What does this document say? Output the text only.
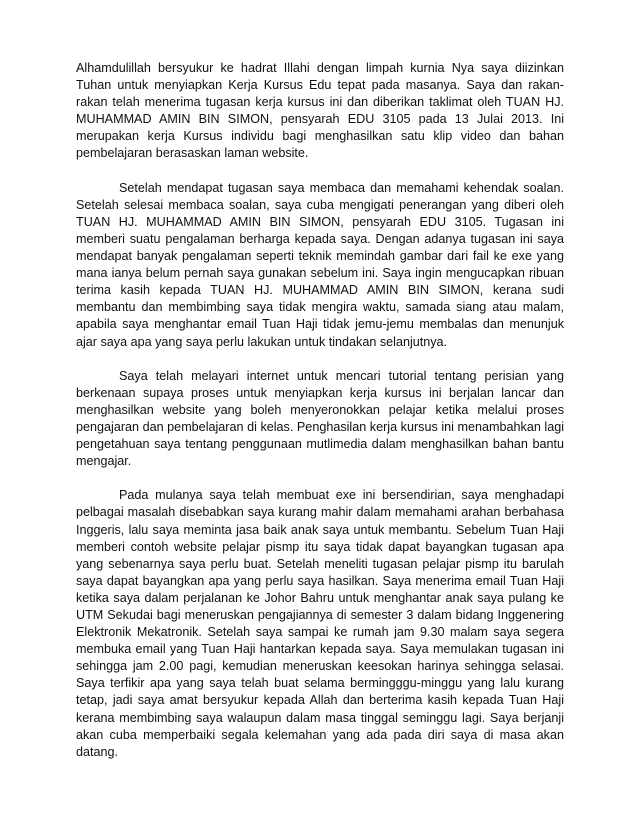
Alhamdulillah bersyukur ke hadrat Illahi dengan limpah kurnia Nya saya diizinkan Tuhan untuk menyiapkan Kerja Kursus Edu tepat pada masanya. Saya dan rakan-rakan telah menerima tugasan kerja kursus ini dan diberikan taklimat oleh TUAN HJ. MUHAMMAD AMIN BIN SIMON, pensyarah EDU 3105 pada 13 Julai 2013. Ini merupakan kerja Kursus individu bagi menghasilkan satu klip video dan bahan pembelajaran berasaskan laman website.

Setelah mendapat tugasan saya membaca dan memahami kehendak soalan. Setelah selesai membaca soalan, saya cuba mengigati penerangan yang diberi oleh TUAN HJ. MUHAMMAD AMIN BIN SIMON, pensyarah EDU 3105. Tugasan ini memberi suatu pengalaman berharga kepada saya. Dengan adanya tugasan ini saya mendapat banyak pengalaman seperti teknik memindah gambar dari fail ke exe yang mana ianya belum pernah saya gunakan sebelum ini. Saya ingin mengucapkan ribuan terima kasih kepada TUAN HJ. MUHAMMAD AMIN BIN SIMON, kerana sudi membantu dan membimbing saya tidak mengira waktu, samada siang atau malam, apabila saya menghantar email Tuan Haji tidak jemu-jemu membalas dan menunjuk ajar saya apa yang saya perlu lakukan untuk tindakan selanjutnya.

Saya telah melayari internet untuk mencari tutorial tentang perisian yang berkenaan supaya proses untuk menyiapkan kerja kursus ini berjalan lancar dan menghasilkan website yang boleh menyeronokkan pelajar ketika melalui proses pengajaran dan pembelajaran di kelas. Penghasilan kerja kursus ini menambahkan lagi pengetahuan saya tentang penggunaan mutlimedia dalam menghasilkan bahan bantu mengajar.

Pada mulanya saya telah membuat exe ini bersendirian, saya menghadapi pelbagai masalah disebabkan saya kurang mahir dalam memahami arahan berbahasa Inggeris, lalu saya meminta jasa baik anak saya untuk membantu. Sebelum Tuan Haji memberi contoh website pelajar pismp itu saya tidak dapat bayangkan tugasan apa yang sebenarnya saya perlu buat. Setelah meneliti tugasan pelajar pismp itu barulah saya dapat bayangkan apa yang perlu saya hasilkan. Saya menerima email Tuan Haji ketika saya dalam perjalanan ke Johor Bahru untuk menghantar anak saya pulang ke UTM Sekudai bagi meneruskan pengajiannya di semester 3 dalam bidang Inggenering Elektronik Mekatronik. Setelah saya sampai ke rumah jam 9.30 malam saya segera membuka email yang Tuan Haji hantarkan kepada saya. Saya memulakan tugasan ini sehingga jam 2.00 pagi, kemudian meneruskan keesokan harinya sehingga selasai. Saya terfikir apa yang saya telah buat selama bermingggu-minggu yang lalu kurang tetap, jadi saya amat bersyukur kepada Allah dan berterima kasih kepada Tuan Haji kerana membimbing saya walaupun dalam masa tinggal seminggu lagi. Saya berjanji akan cuba memperbaiki segala kelemahan yang ada pada diri saya di masa akan datang.
